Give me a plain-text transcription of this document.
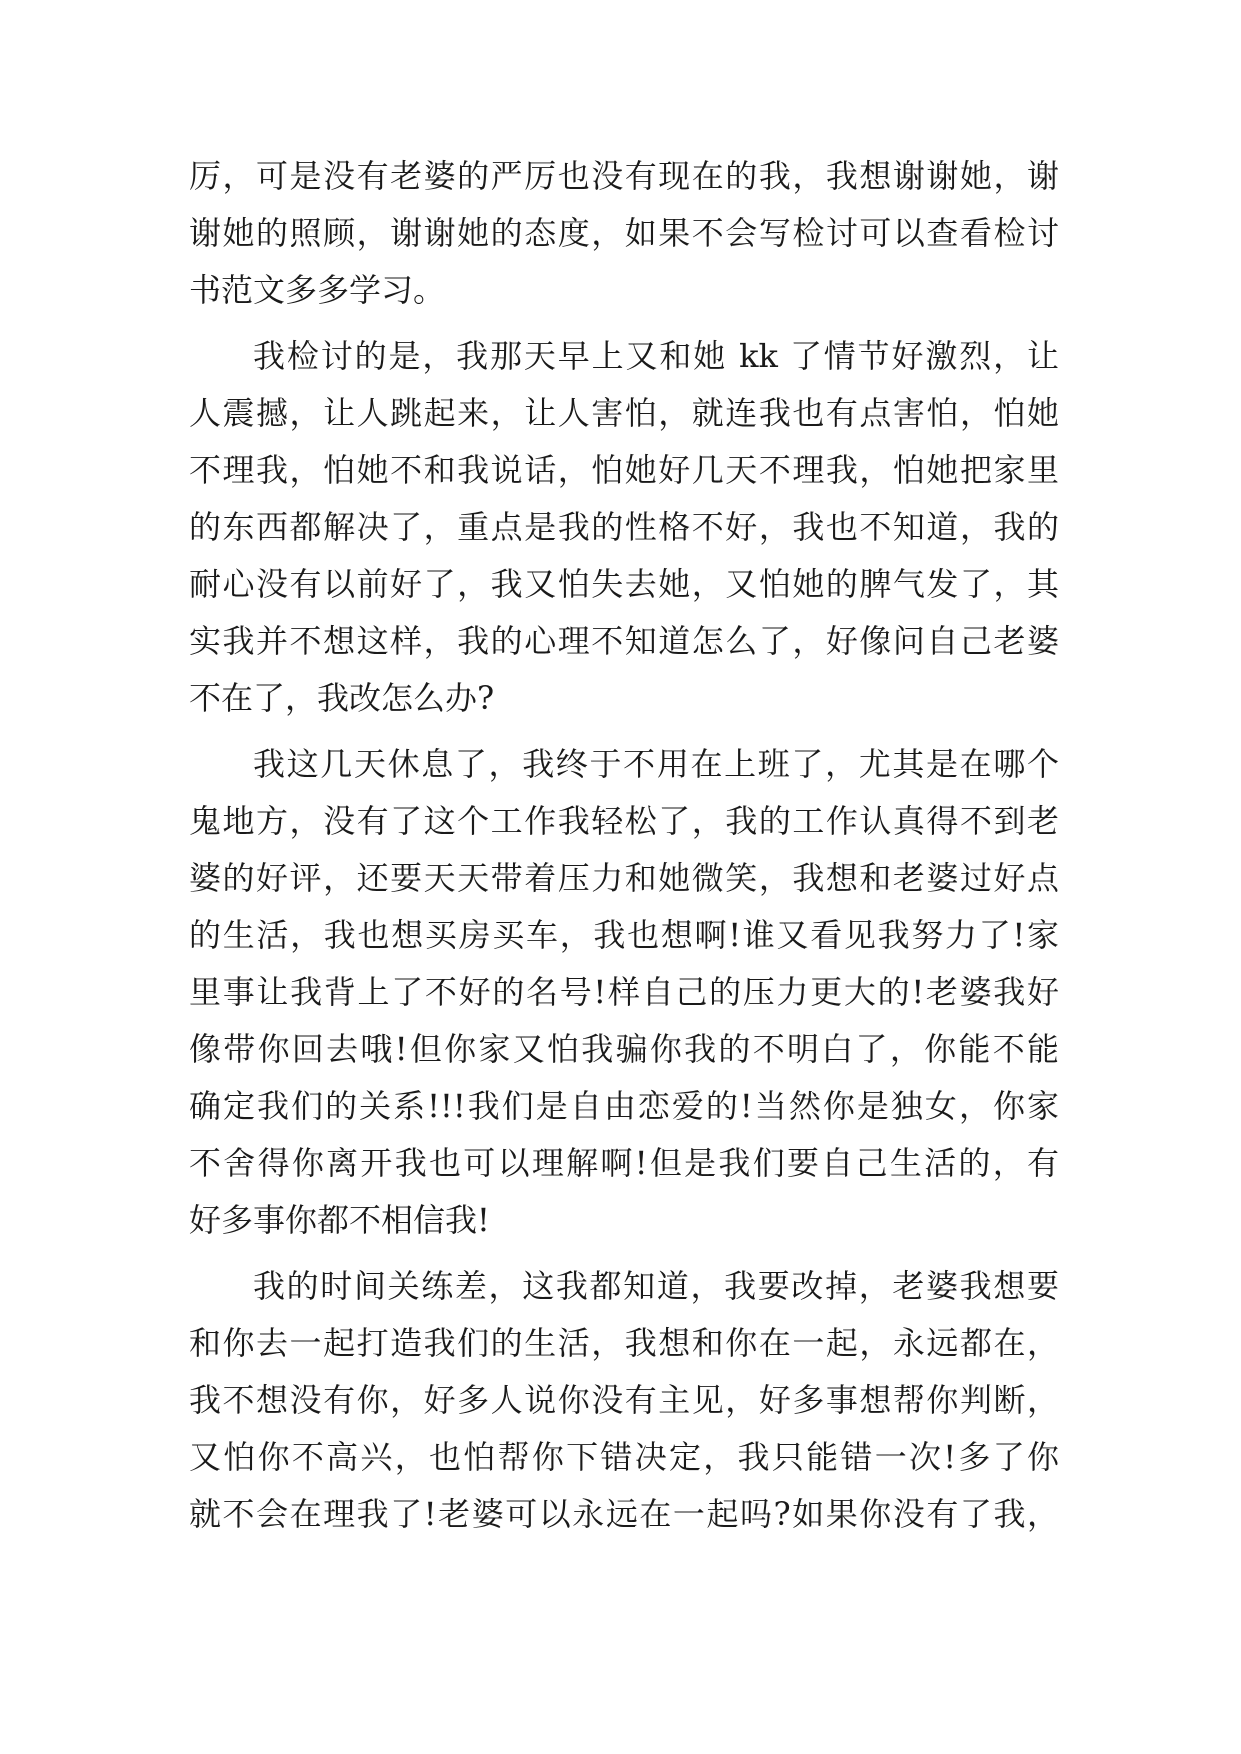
厉，可是没有老婆的严厉也没有现在的我，我想谢谢她，谢
谢她的照顾，谢谢她的态度，如果不会写检讨可以查看检讨
书范文多多学习。
我检讨的是，我那天早上又和她 kk 了情节好激烈，让
人震撼，让人跳起来，让人害怕，就连我也有点害怕，怕她
不理我，怕她不和我说话，怕她好几天不理我，怕她把家里
的东西都解决了，重点是我的性格不好，我也不知道，我的
耐心没有以前好了，我又怕失去她，又怕她的脾气发了，其
实我并不想这样，我的心理不知道怎么了，好像问自己老婆
不在了，我改怎么办?
我这几天休息了，我终于不用在上班了，尤其是在哪个
鬼地方，没有了这个工作我轻松了，我的工作认真得不到老
婆的好评，还要天天带着压力和她微笑，我想和老婆过好点
的生活，我也想买房买车，我也想啊!谁又看见我努力了!家
里事让我背上了不好的名号!样自己的压力更大的!老婆我好
像带你回去哦!但你家又怕我骗你我的不明白了，你能不能
确定我们的关系!!!我们是自由恋爱的!当然你是独女，你家
不舍得你离开我也可以理解啊!但是我们要自己生活的，有
好多事你都不相信我!
我的时间关练差，这我都知道，我要改掉，老婆我想要
和你去一起打造我们的生活，我想和你在一起，永远都在，
我不想没有你，好多人说你没有主见，好多事想帮你判断，
又怕你不高兴，也怕帮你下错决定，我只能错一次!多了你
就不会在理我了!老婆可以永远在一起吗?如果你没有了我，
